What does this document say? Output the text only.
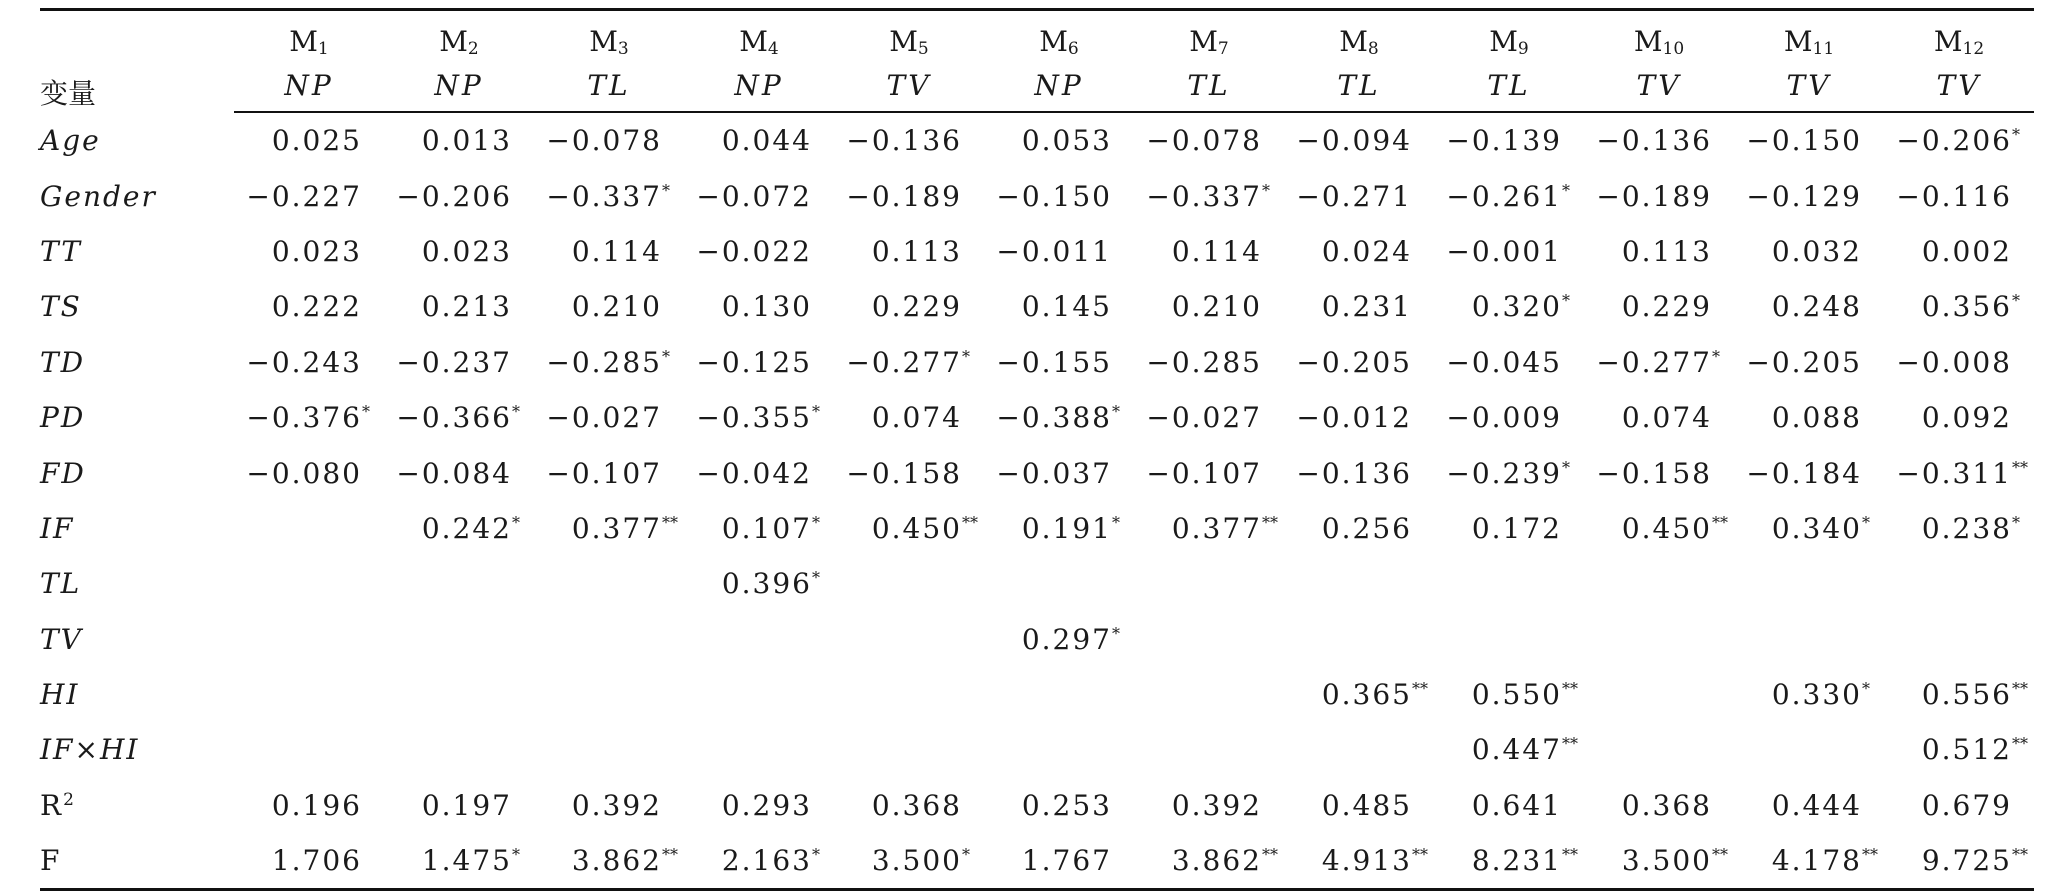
变量	$M_1$	$M_2$	$M_3$	$M_4$	$M_5$	$M_6$	$M_7$	$M_8$	$M_9$	$M_{10}$	$M_{11}$	$M_{12}$
	NP	NP	TL	NP	TV	NP	TL	TL	TL	TV	TV	TV
Age	0.025	0.013	−0.078	0.044	−0.136	0.053	−0.078	−0.094	−0.139	−0.136	−0.150	−0.206*
Gender	−0.227	−0.206	−0.337*	−0.072	−0.189	−0.150	−0.337*	−0.271	−0.261*	−0.189	−0.129	−0.116
TT	0.023	0.023	0.114	−0.022	0.113	−0.011	0.114	0.024	−0.001	0.113	0.032	0.002
TS	0.222	0.213	0.210	0.130	0.229	0.145	0.210	0.231	0.320*	0.229	0.248	0.356*
TD	−0.243	−0.237	−0.285*	−0.125	−0.277*	−0.155	−0.285	−0.205	−0.045	−0.277*	−0.205	−0.008
PD	−0.376*	−0.366*	−0.027	−0.355*	0.074	−0.388*	−0.027	−0.012	−0.009	0.074	0.088	0.092
FD	−0.080	−0.084	−0.107	−0.042	−0.158	−0.037	−0.107	−0.136	−0.239*	−0.158	−0.184	−0.311**
IF		0.242*	0.377**	0.107*	0.450**	0.191*	0.377**	0.256	0.172	0.450**	0.340*	0.238*
TL				0.396*								
TV						0.297*						
HI								0.365**	0.550**		0.330*	0.556**
IF×HI									0.447**			0.512**
$R^2$	0.196	0.197	0.392	0.293	0.368	0.253	0.392	0.485	0.641	0.368	0.444	0.679
F	1.706	1.475*	3.862**	2.163*	3.500*	1.767	3.862**	4.913**	8.231**	3.500**	4.178**	9.725**
